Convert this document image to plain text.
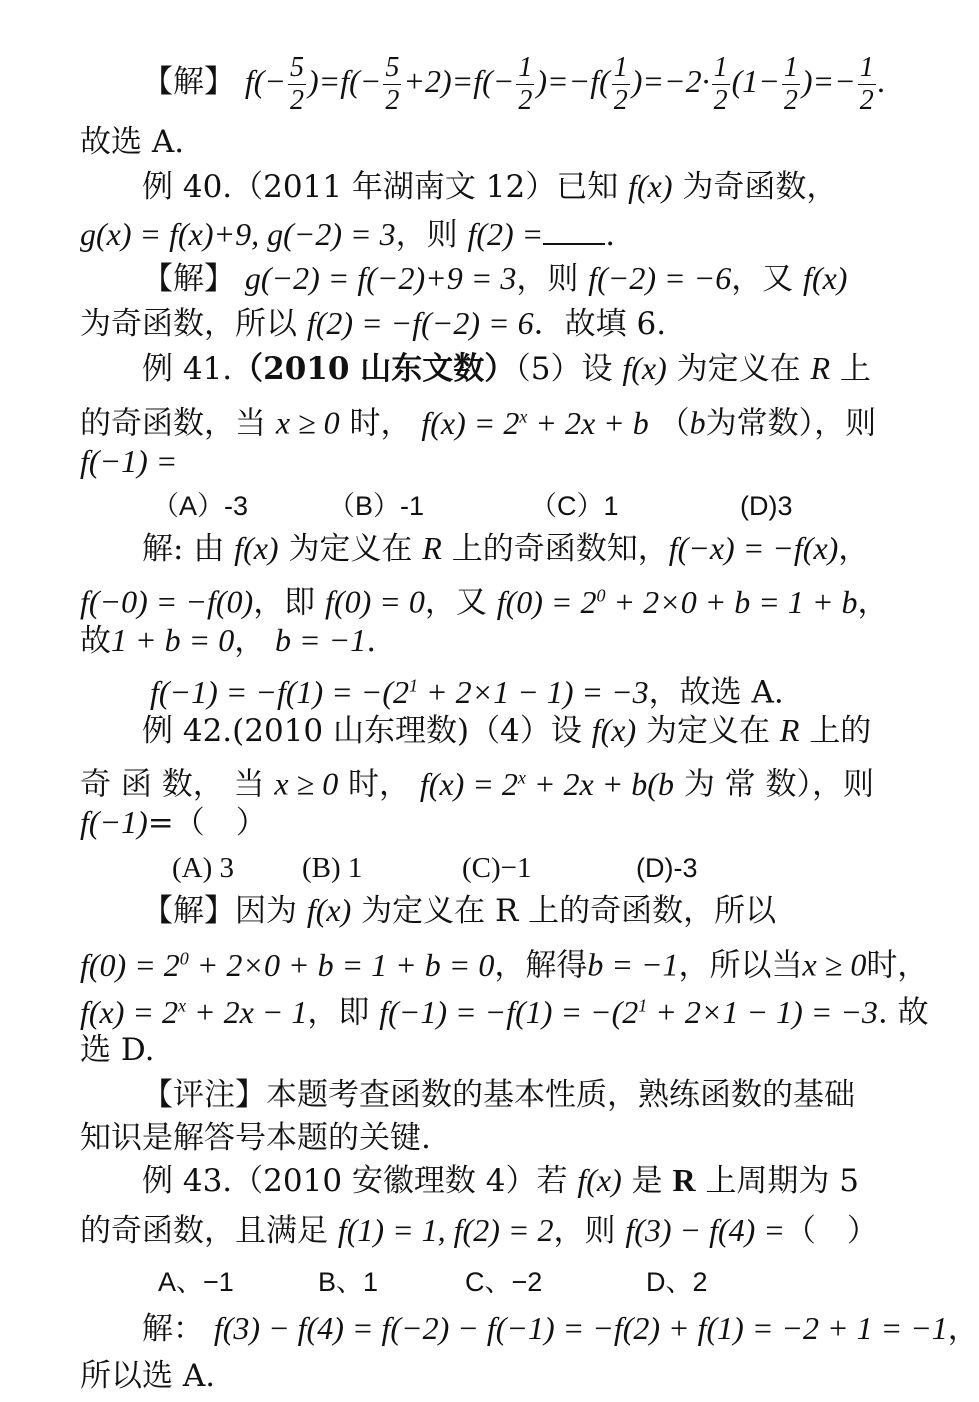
【解】 $f(- \frac{5}{2} )=f(- \frac{5}{2} +2)=f(- \frac{1}{2} )=-f( \frac{1}{2} )=-2\cdot \frac{1}{2} (1- \frac{1}{2}$ )=− $\frac{1}{2}$ .
故选 A.
例 40.（2011 年湖南文 12）已知 f(x) 为奇函数，
g(x) = f(x)+9, g(−2) = 3，则 f(2) = .
【解】 g(−2) = f(−2)+9 = 3，则 f(−2) = −6，又 f(x)
为奇函数，所以 f(2) = −f(−2) = 6．故填 6.
例 41.（2010 山东文数）（5）设 f(x) 为定义在 R 上
的奇函数，当 x ≥ 0 时， $f(x) = 2^x + 2x + b$ （b为常数），则
f(−1) =
（A）-3	（B）-1	（C）1	(D)3
解: 由 f(x) 为定义在 R 上的奇函数知，f(−x) = −f(x)，
f(−0) = −f(0)，即 f(0) = 0，又 $f(0) = 2^0 + 2\times 0 + b = 1 + b$，
故1 + b = 0， b = −1.
$f(-1) = -f(1) = -(2^1 + 2\times 1 - 1) = -3$，故选 A.
例 42.(2010 山东理数)（4）设 f(x) 为定义在 R 上的
奇 函 数， 当 x ≥ 0 时， $f(x) = 2^x + 2x + b(b$ 为 常 数），则
f(−1)=（　）
(A) 3 (B) 1	(C)−1	(D)-3
【解】因为 f(x) 为定义在 R 上的奇函数，所以
$f(0) = 2^0 + 2\times 0 + b = 1 + b = 0$，解得b = −1，所以当x ≥ 0时，
$f(x) = 2^x + 2x - 1$，即 $f(-1) = -f(1) = -(2^1 + 2\times 1 - 1) = -3$. 故
选 D.
【评注】本题考查函数的基本性质，熟练函数的基础
知识是解答号本题的关键.
例 43.（2010 安徽理数 4）若 f(x) 是 R 上周期为 5
的奇函数，且满足 f(1) = 1, f(2) = 2，则 f(3) − f(4) =（　）
A、−1	B、1	C、−2	D、2
解： f(3) − f(4) = f(−2) − f(−1) = −f(2) + f(1) = −2 + 1 = −1，
所以选 A.
